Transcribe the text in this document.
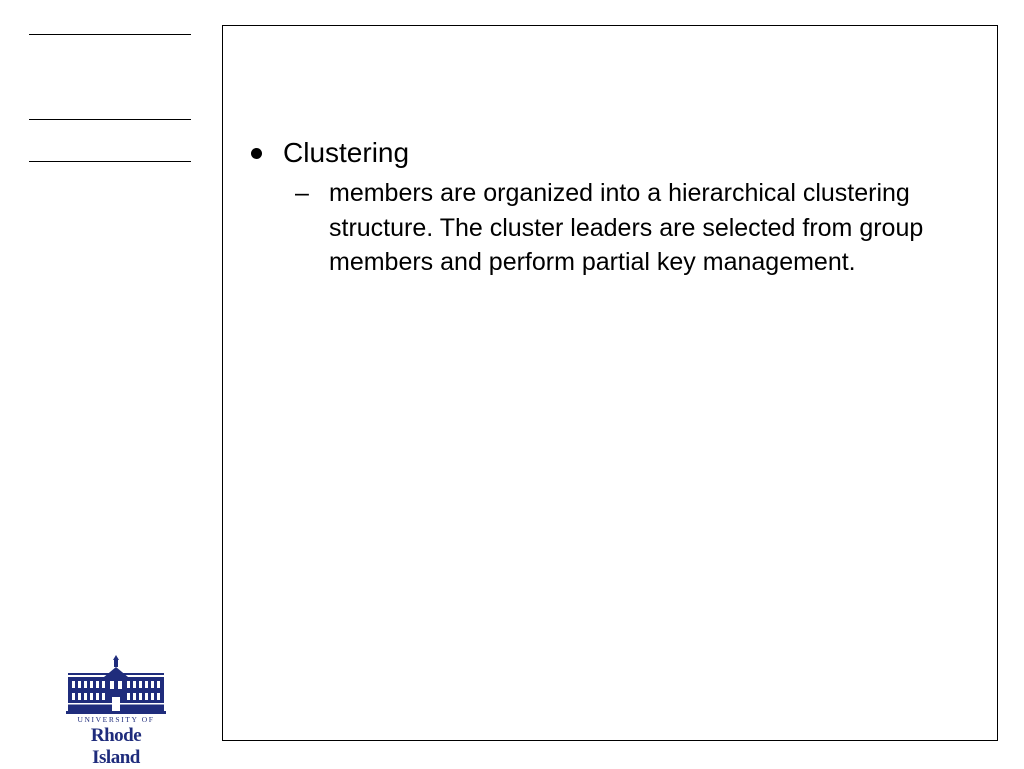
UNIVERSITY OF
Rhode Island
Clustering
– members are organized into a hierarchical clustering structure. The cluster leaders are selected from group members and perform partial key management.
